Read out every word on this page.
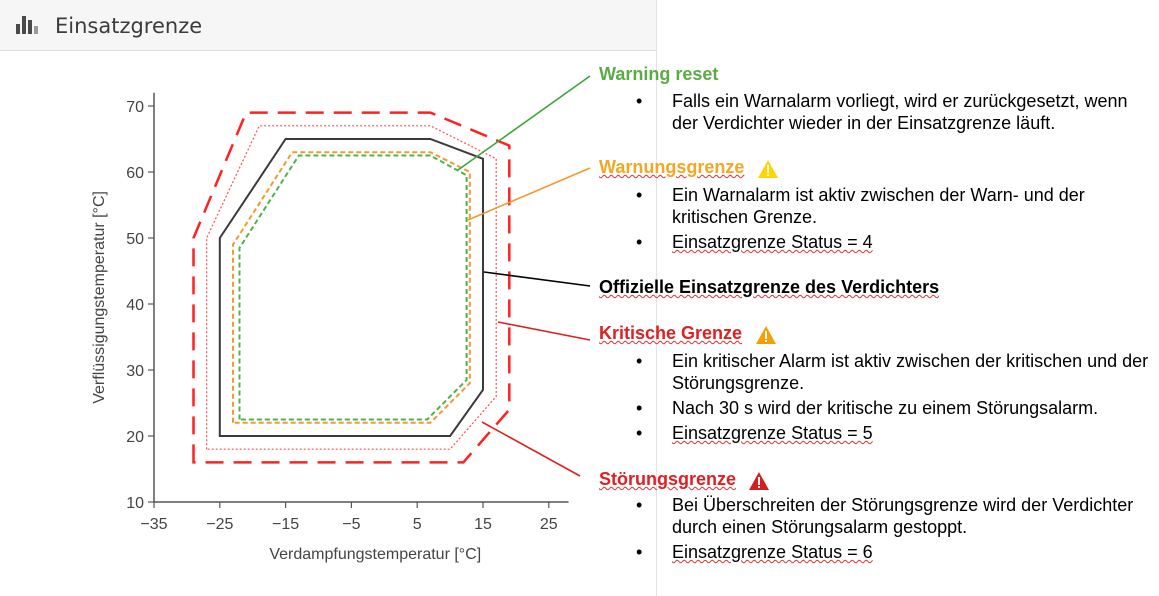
Einsatzgrenze
10
20
30
40
50
60
70
−35 −25 −15	−5	5	15	25
Verdampfungstemperatur [°C]
Verflüssigungstemperatur [°C]
Warning reset
• Falls ein Warnalarm vorliegt, wird er zurückgesetzt, wenn der Verdichter wieder in der Einsatzgrenze läuft.
Warnungsgrenze
• Ein Warnalarm ist aktiv zwischen der Warn- und der kritischen Grenze.
• Einsatzgrenze Status = 4
Offizielle Einsatzgrenze des Verdichters
Kritische Grenze
• Ein kritischer Alarm ist aktiv zwischen der kritischen und der Störungsgrenze.
• Nach 30 s wird der kritische zu einem Störungsalarm.
• Einsatzgrenze Status = 5
Störungsgrenze
• Bei Überschreiten der Störungsgrenze wird der Verdichter durch einen Störungsalarm gestoppt.
• Einsatzgrenze Status = 6
